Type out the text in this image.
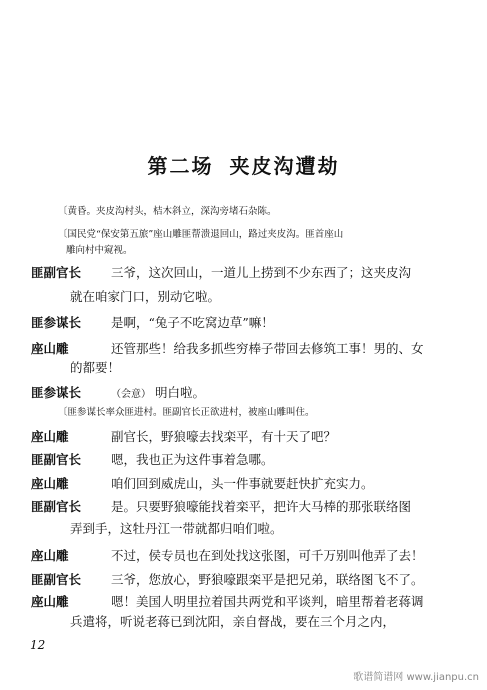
第二场 夹皮沟遭劫
〔黄昏。夹皮沟村头，桔木斜立，深沟旁堵石杂陈。
〔国民党“保安第五旅”座山雕匪帮溃退回山，路过夹皮沟。匪首座山
雕向村中窥视。
匪副官长 三爷，这次回山，一道儿上捞到不少东西了；这夹皮沟
就在咱家门口，别动它啦。
匪参谋长 是啊，“兔子不吃窝边草”嘛！
座山雕	还管那些！给我多抓些穷棒子带回去修筑工事！男的、女
的都要！
匪参谋长	（会意） 明白啦。
〔匪参谋长率众匪进村。匪副官长正欲进村，被座山雕叫住。
座山雕	副官长，野狼嚎去找栾平，有十天了吧？
匪副官长 嗯，我也正为这件事着急哪。
座山雕	咱们回到威虎山，头一件事就要赶快扩充实力。
匪副官长 是。只要野狼嚎能找着栾平，把许大马棒的那张联络图
弄到手，这牡丹江一带就都归咱们啦。
座山雕	不过，侯专员也在到处找这张图，可千万别叫他弄了去！
匪副官长 三爷，您放心，野狼嚎跟栾平是把兄弟，联络图飞不了。
座山雕	嗯！美国人明里拉着国共两党和平谈判，暗里帮着老蒋调
兵遣将，听说老蒋已到沈阳，亲自督战，要在三个月之内，
12
歌谱简谱网 www.jianpu.cn
